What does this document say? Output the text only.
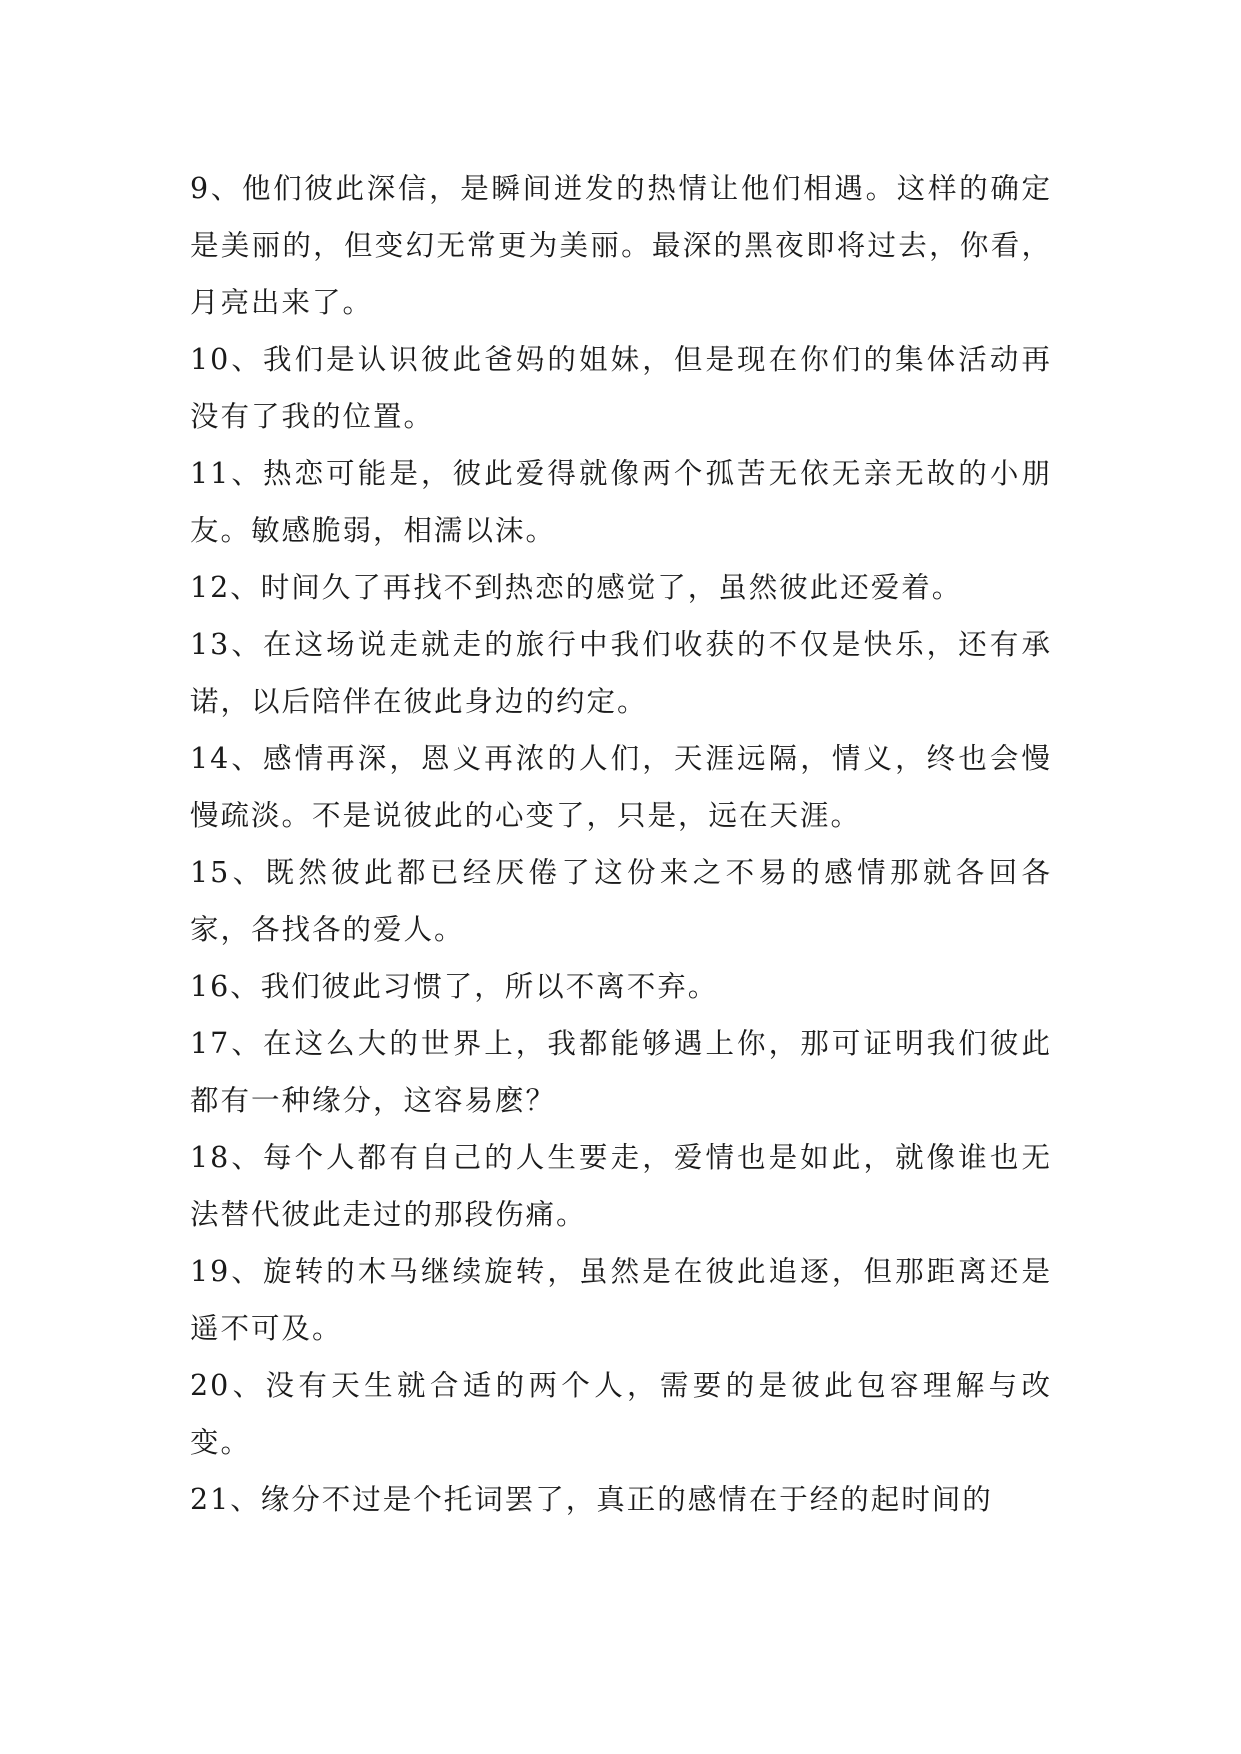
9、他们彼此深信，是瞬间迸发的热情让他们相遇。这样的确定是美丽的，但变幻无常更为美丽。最深的黑夜即将过去，你看，月亮出来了。

10、我们是认识彼此爸妈的姐妹，但是现在你们的集体活动再没有了我的位置。

11、热恋可能是，彼此爱得就像两个孤苦无依无亲无故的小朋友。敏感脆弱，相濡以沫。

12、时间久了再找不到热恋的感觉了，虽然彼此还爱着。

13、在这场说走就走的旅行中我们收获的不仅是快乐，还有承诺，以后陪伴在彼此身边的约定。

14、感情再深，恩义再浓的人们，天涯远隔，情义，终也会慢慢疏淡。不是说彼此的心变了，只是，远在天涯。

15、既然彼此都已经厌倦了这份来之不易的感情那就各回各家，各找各的爱人。

16、我们彼此习惯了，所以不离不弃。

17、在这么大的世界上，我都能够遇上你，那可证明我们彼此都有一种缘分，这容易麽？

18、每个人都有自己的人生要走，爱情也是如此，就像谁也无法替代彼此走过的那段伤痛。

19、旋转的木马继续旋转，虽然是在彼此追逐，但那距离还是遥不可及。

20、没有天生就合适的两个人，需要的是彼此包容理解与改变。

21、缘分不过是个托词罢了，真正的感情在于经的起时间的
